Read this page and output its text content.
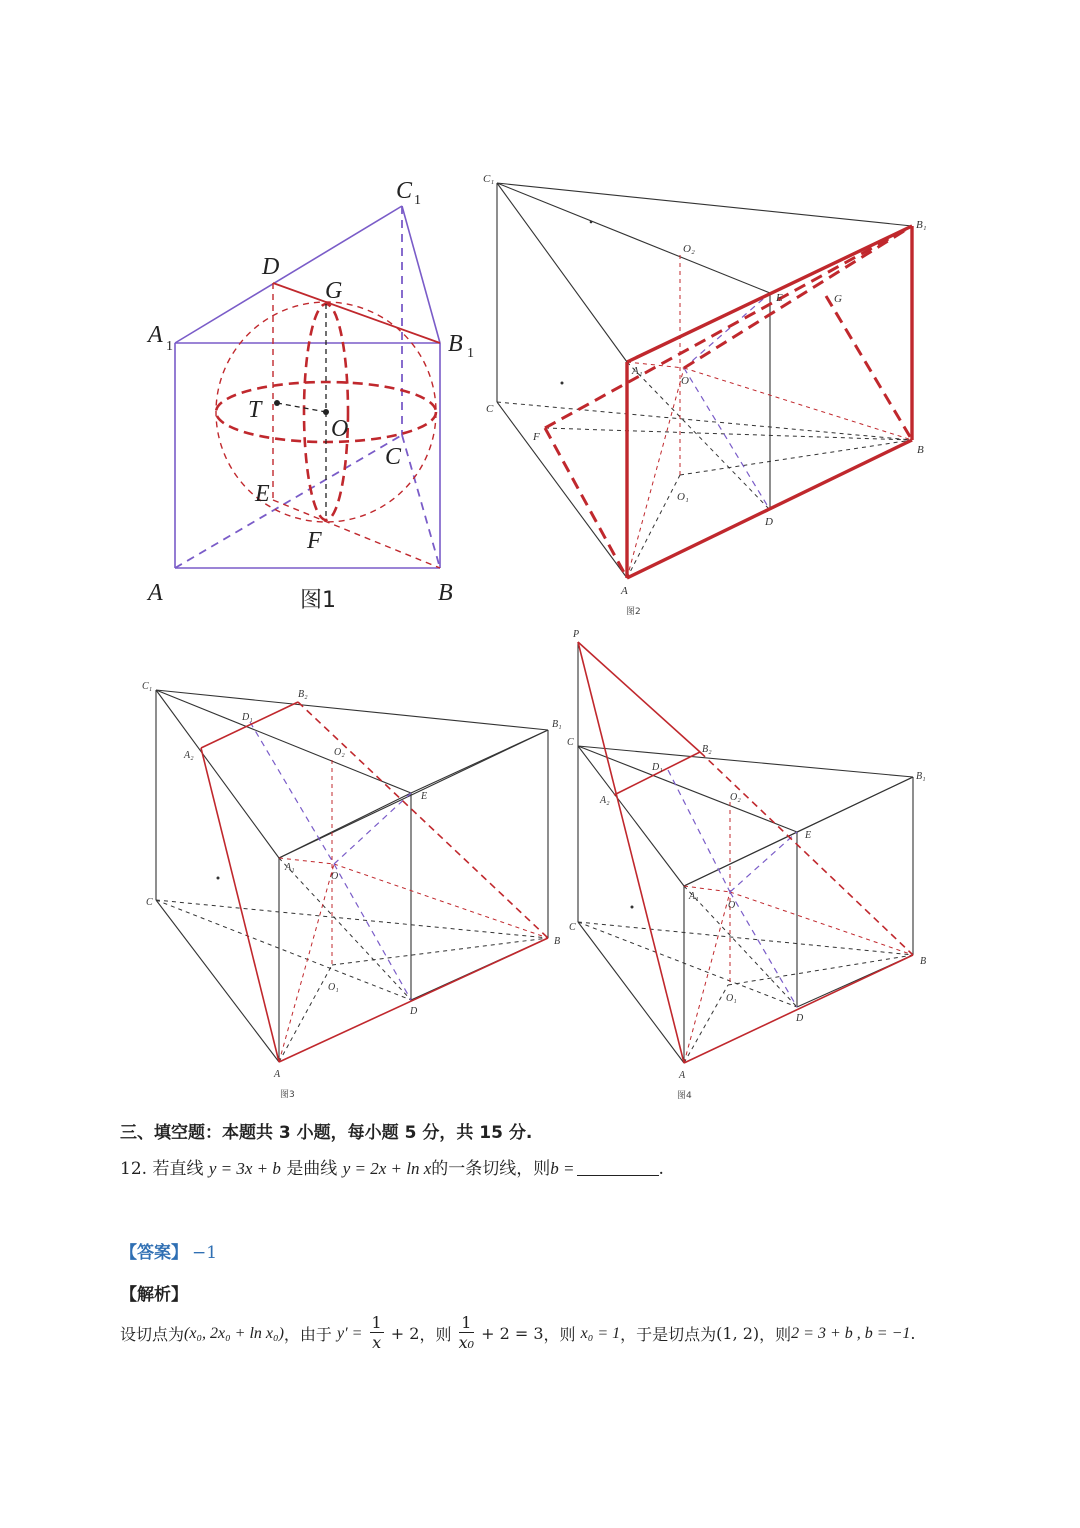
A 1	B 1
C 1
D
G
T
O
C
E
F
A	B
图1
C₁
B₁
O₂
E	G
A₁
O
C
F
B
O₁
D
A
图2
C₁
B₂
D₁
B₁
A₂	O₂
E
A₁
O
C
B
O₁
D
A
图3
P
C
B₂
D₁
B₁
A₂	O₂
E
A₁
O
C
B
O₁
D
A
图4
三、填空题：本题共 3 小题，每小题 5 分，共 15 分.
12. 若直线 y = 3x + b 是曲线 y = 2x + ln x的一条切线，则b =	.
【答案】 −1
【解析】
设切点为(x₀, 2x₀ + ln x₀)，由于 $y' = \frac{1}{x} + 2$，则 $\frac{1}{\text{x₀}} + 2 = 3$，则 x₀ = 1，于是切点为(1, 2)，则2 = 3 + b , b = −1.
